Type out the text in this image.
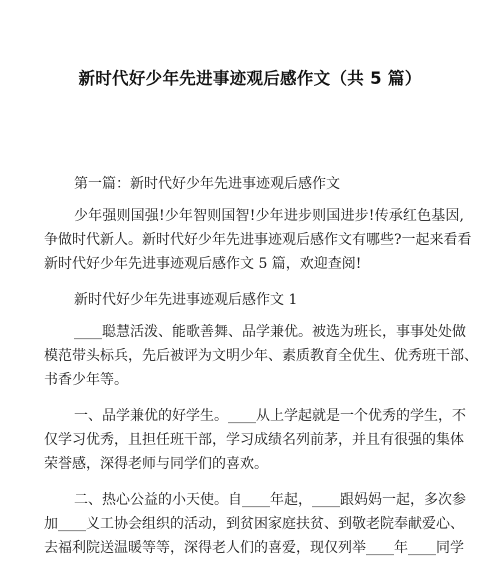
新时代好少年先进事迹观后感作文（共 5 篇）
第一篇：新时代好少年先进事迹观后感作文
少年强则国强!少年智则国智!少年进步则国进步!传承红色基因,
争做时代新人。新时代好少年先进事迹观后感作文有哪些?一起来看看
新时代好少年先进事迹观后感作文 5 篇，欢迎查阅!
新时代好少年先进事迹观后感作文 1
____聪慧活泼、能歌善舞、品学兼优。被选为班长，事事处处做
模范带头标兵，先后被评为文明少年、素质教育全优生、优秀班干部、
书香少年等。
一、品学兼优的好学生。____从上学起就是一个优秀的学生，不
仅学习优秀，且担任班干部，学习成绩名列前茅，并且有很强的集体
荣誉感，深得老师与同学们的喜欢。
二、热心公益的小天使。自____年起，____跟妈妈一起，多次参
加____义工协会组织的活动，到贫困家庭扶贫、到敬老院奉献爱心、
去福利院送温暖等等，深得老人们的喜爱，现仅列举____年____同学
